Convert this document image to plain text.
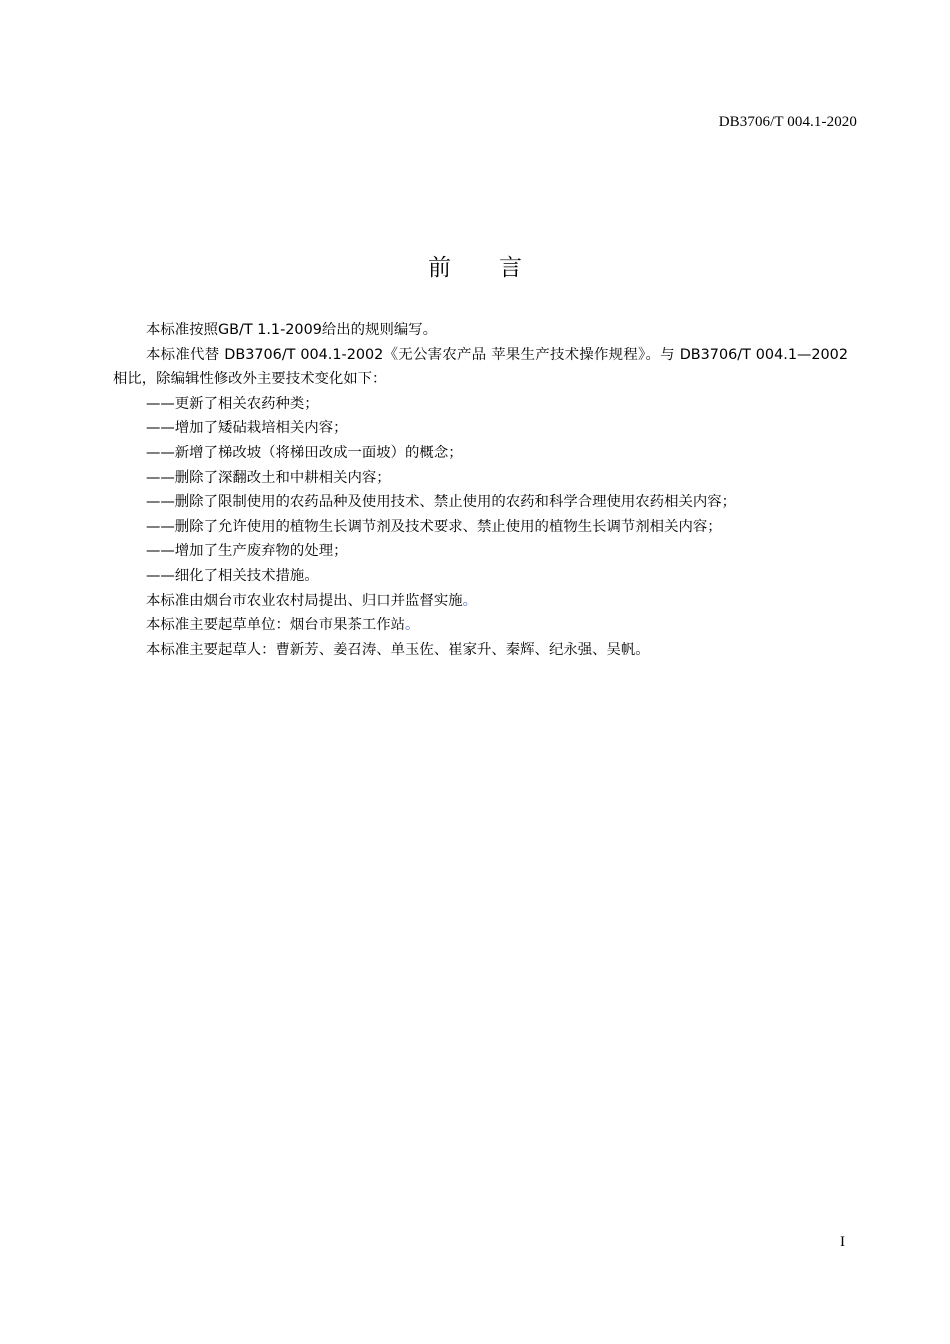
DB3706/T 004.1-2020
前言

本标准按照GB/T 1.1-2009给出的规则编写。

本标准代替 DB3706/T 004.1-2002《无公害农产品 苹果生产技术操作规程》。与 DB3706/T 004.1—2002 相比，除编辑性修改外主要技术变化如下：

——更新了相关农药种类；

——增加了矮砧栽培相关内容；

——新增了梯改坡（将梯田改成一面坡）的概念；

——删除了深翻改土和中耕相关内容；

——删除了限制使用的农药品种及使用技术、禁止使用的农药和科学合理使用农药相关内容；

——删除了允许使用的植物生长调节剂及技术要求、禁止使用的植物生长调节剂相关内容；

——增加了生产废弃物的处理；

——细化了相关技术措施。

本标准由烟台市农业农村局提出、归口并监督实施。

本标准主要起草单位：烟台市果茶工作站。

本标准主要起草人：曹新芳、姜召涛、单玉佐、崔家升、秦辉、纪永强、吴帆。

I
